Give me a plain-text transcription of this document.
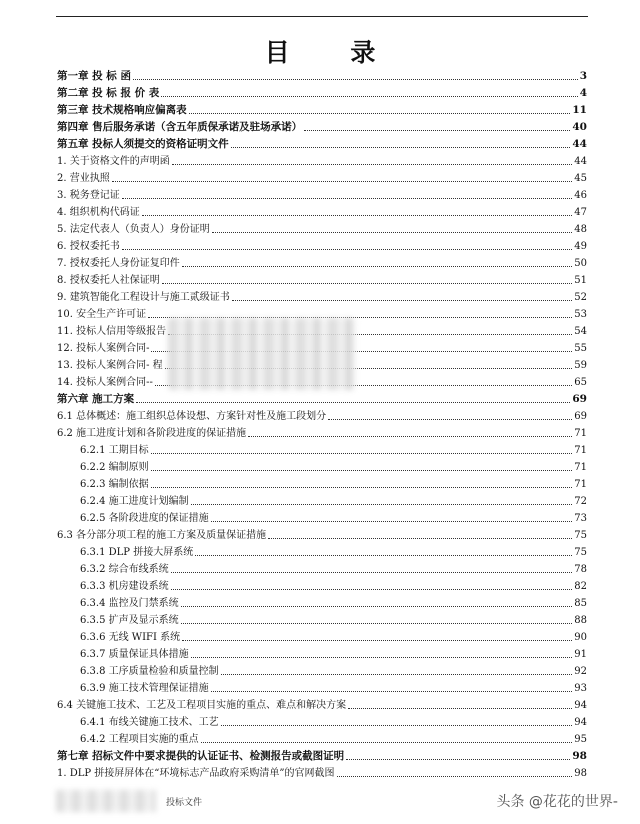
目 录
第一章 投 标 函	3
第二章 投 标 报 价 表	4
第三章 技术规格响应偏离表	11
第四章 售后服务承诺（含五年质保承诺及驻场承诺）	40
第五章 投标人须提交的资格证明文件	44
1. 关于资格文件的声明函	44
2. 营业执照	45
3. 税务登记证	46
4. 组织机构代码证	47
5. 法定代表人（负责人）身份证明	48
6. 授权委托书	49
7. 授权委托人身份证复印件	50
8. 授权委托人社保证明	51
9. 建筑智能化工程设计与施工贰级证书	52
10. 安全生产许可证	53
11. 投标人信用等级报告	54
12. 投标人案例合同-	55
13. 投标人案例合同- 程	59
14. 投标人案例合同--	65
第六章 施工方案	69
6.1 总体概述：施工组织总体设想、方案针对性及施工段划分	69
6.2 施工进度计划和各阶段进度的保证措施	71
6.2.1 工期目标	71
6.2.2 编制原则	71
6.2.3 编制依据	71
6.2.4 施工进度计划编制	72
6.2.5 各阶段进度的保证措施	73
6.3 各分部分项工程的施工方案及质量保证措施	75
6.3.1 DLP 拼接大屏系统	75
6.3.2 综合布线系统	78
6.3.3 机房建设系统	82
6.3.4 监控及门禁系统	85
6.3.5 扩声及显示系统	88
6.3.6 无线 WIFI 系统	90
6.3.7 质量保证具体措施	91
6.3.8 工序质量检验和质量控制	92
6.3.9 施工技术管理保证措施	93
6.4 关键施工技术、工艺及工程项目实施的重点、难点和解决方案	94
6.4.1 布线关键施工技术、工艺	94
6.4.2 工程项目实施的重点	95
第七章 招标文件中要求提供的认证证书、检测报告或截图证明	98
1. DLP 拼接屏屏体在“环境标志产品政府采购清单”的官网截图	98
投标文件	头条 @花花的世界-
